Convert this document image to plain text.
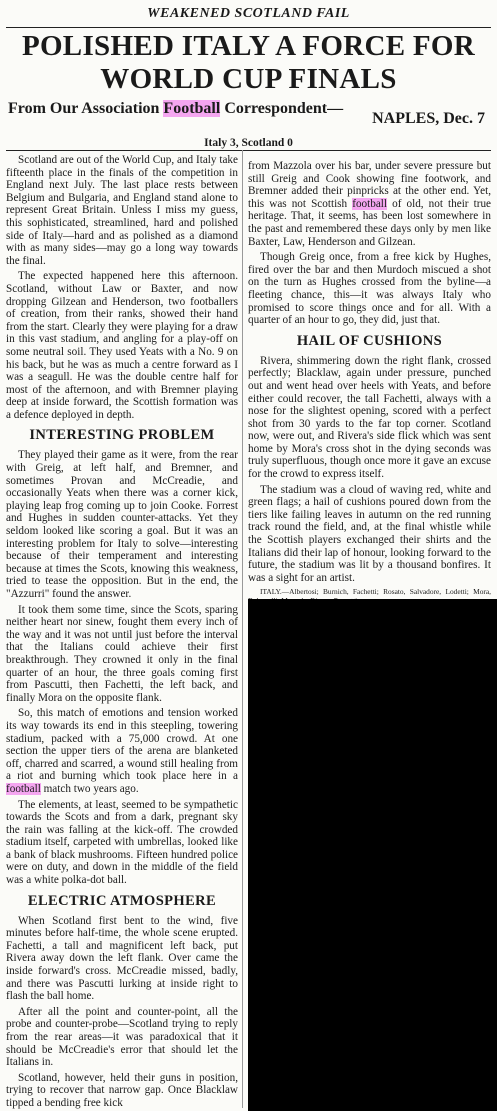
WEAKENED SCOTLAND FAIL
POLISHED ITALY A FORCE FOR WORLD CUP FINALS
From Our Association Football Correspondent—
NAPLES, Dec. 7
Italy 3, Scotland 0

Scotland are out of the World Cup, and Italy take fifteenth place in the finals of the competition in England next July. The last place rests between Belgium and Bulgaria, and England stand alone to represent Great Britain. Unless I miss my guess, this sophisticated, streamlined, hard and polished side of Italy—hard and as polished as a diamond with as many sides—may go a long way towards the final.

The expected happened here this afternoon. Scotland, without Law or Baxter, and now dropping Gilzean and Henderson, two footballers of creation, from their ranks, showed their hand from the start. Clearly they were playing for a draw in this vast stadium, and angling for a play-off on some neutral soil. They used Yeats with a No. 9 on his back, but he was as much a centre forward as I was a seagull. He was the double centre half for most of the afternoon, and with Bremner playing deep at inside forward, the Scottish formation was a defence deployed in depth.

INTERESTING PROBLEM

They played their game as it were, from the rear with Greig, at left half, and Bremner, and sometimes Provan and McCreadie, and occasionally Yeats when there was a corner kick, playing leap frog coming up to join Cooke. Forrest and Hughes in sudden counter-attacks. Yet they seldom looked like scoring a goal. But it was an interesting problem for Italy to solve—interesting because of their temperament and interesting because at times the Scots, knowing this weakness, tried to tease the opposition. But in the end, the "Azzurri" found the answer.

It took them some time, since the Scots, sparing neither heart nor sinew, fought them every inch of the way and it was not until just before the interval that the Italians could achieve their first breakthrough. They crowned it only in the final quarter of an hour, the three goals coming first from Pascutti, then Fachetti, the left back, and finally Mora on the opposite flank.

So, this match of emotions and tension worked its way towards its end in this steepling, towering stadium, packed with a 75,000 crowd. At one section the upper tiers of the arena are blanketed off, charred and scarred, a wound still healing from a riot and burning which took place here in a football match two years ago.

The elements, at least, seemed to be sympathetic towards the Scots and from a dark, pregnant sky the rain was falling at the kick-off. The crowded stadium itself, carpeted with umbrellas, looked like a bank of black mushrooms. Fifteen hundred police were on duty, and down in the middle of the field was a white polka-dot ball.

ELECTRIC ATMOSPHERE

When Scotland first bent to the wind, five minutes before half-time, the whole scene erupted. Fachetti, a tall and magnificent left back, put Rivera away down the left flank. Over came the inside forward's cross. McCreadie missed, badly, and there was Pascutti lurking at inside right to flash the ball home.

After all the point and counter-point, all the probe and counter-probe—Scotland trying to reply from the rear areas—it was paradoxical that it should be McCreadie's error that should let the Italians in.

Scotland, however, held their guns in position, trying to recover that narrow gap. Once Blacklaw tipped a bending free kick

from Mazzola over his bar, under severe pressure but still Greig and Cook showing fine footwork, and Bremner added their pinpricks at the other end. Yet, this was not Scottish football of old, not their true heritage. That, it seems, has been lost somewhere in the past and remembered these days only by men like Baxter, Law, Henderson and Gilzean.

Though Greig once, from a free kick by Hughes, fired over the bar and then Murdoch miscued a shot on the turn as Hughes crossed from the byline—a fleeting chance, this—it was always Italy who promised to score things once and for all. With a quarter of an hour to go, they did, just that.

HAIL OF CUSHIONS

Rivera, shimmering down the right flank, crossed perfectly; Blacklaw, again under pressure, punched out and went head over heels with Yeats, and before either could recover, the tall Fachetti, always with a nose for the slightest opening, scored with a perfect shot from 30 yards to the far top corner. Scotland now, were out, and Rivera's side flick which was sent home by Mora's cross shot in the dying seconds was truly superfluous, though once more it gave an excuse for the crowd to express itself.

The stadium was a cloud of waving red, white and green flags; a hail of cushions poured down from the tiers like failing leaves in autumn on the red running track round the field, and, at the final whistle while the Scottish players exchanged their shirts and the Italians did their lap of honour, looking forward to the future, the stadium was lit by a thousand bonfires. It was a sight for an artist.

ITALY.—Albertosi; Burnich, Fachetti; Rosato, Salvadore, Lodetti; Mora,
